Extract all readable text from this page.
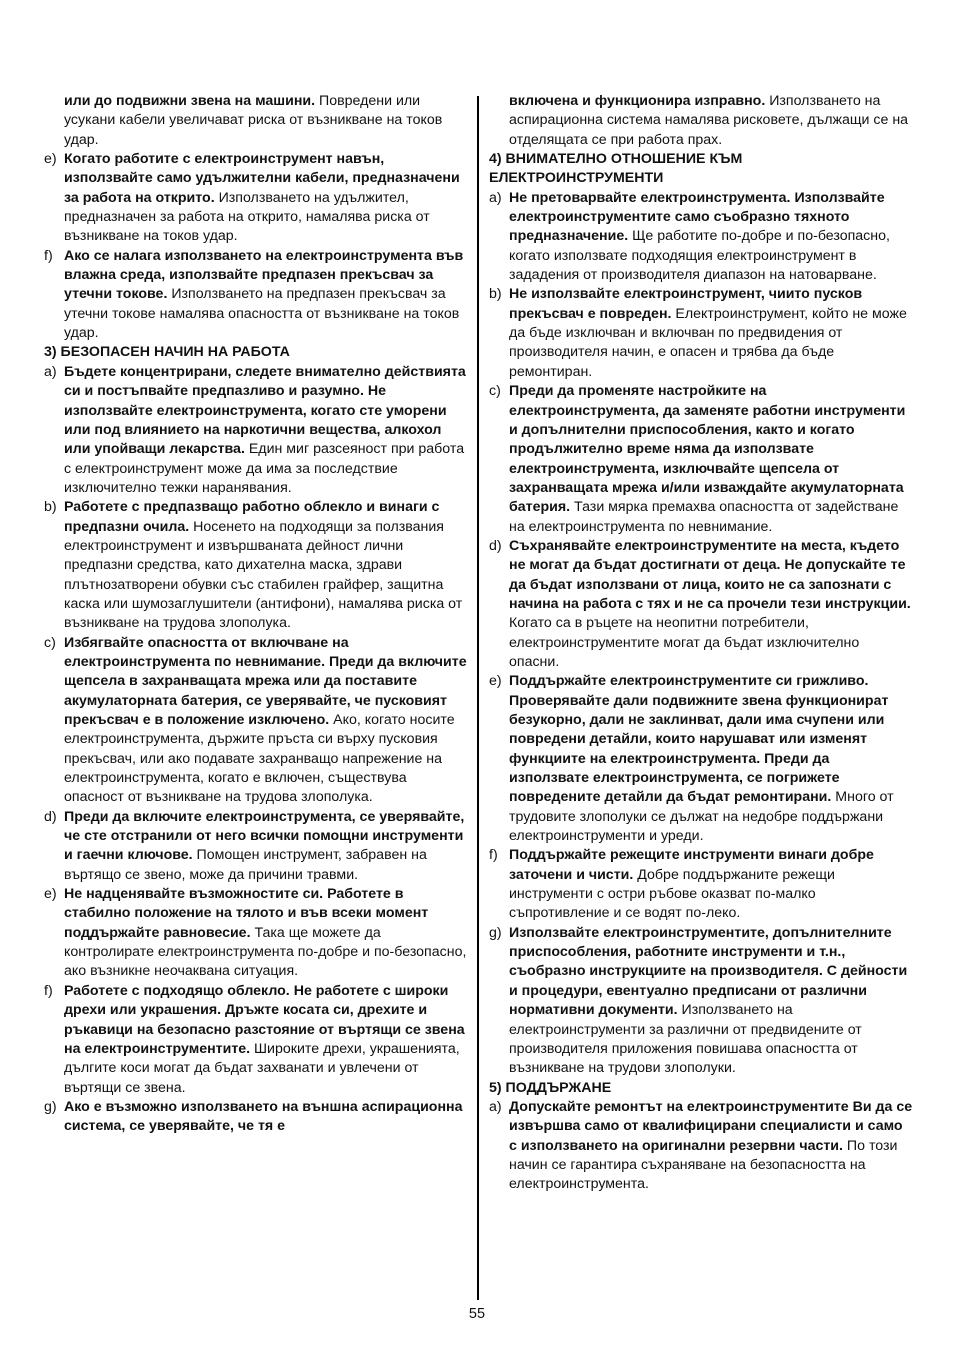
или до подвижни звена на машини. Повредени или усукани кабели увеличават риска от възникване на токов удар.
e) Когато работите с електроинструмент навън, използвайте само удължителни кабели, предназначени за работа на открито. Използването на удължител, предназначен за работа на открито, намалява риска от възникване на токов удар.
f) Ако се налага използването на електроинструмента във влажна среда, използвайте предпазен прекъсвач за утечни токове. Използването на предпазен прекъсвач за утечни токове намалява опасността от възникване на токов удар.
3) БЕЗОПАСЕН НАЧИН НА РАБОТА
a) Бъдете концентрирани, следете внимателно действията си и постъпвайте предпазливо и разумно. Не използвайте електроинструмента, когато сте уморени или под влиянието на наркотични вещества, алкохол или упойващи лекарства. Един миг разсеяност при работа с електроинструмент може да има за последствие изключително тежки наранявания.
b) Работете с предпазващо работно облекло и винаги с предпазни очила. Носенето на подходящи за ползвания електроинструмент и извършваната дейност лични предпазни средства, като дихателна маска, здрави плътнозатворени обувки със стабилен грайфер, защитна каска или шумозаглушители (антифони), намалява риска от възникване на трудова злополука.
c) Избягвайте опасността от включване на електроинструмента по невнимание. Преди да включите щепсела в захранващата мрежа или да поставите акумулаторната батерия, се уверявайте, че пусковият прекъсвач е в положение изключено. Ако, когато носите електроинструмента, държите пръста си върху пусковия прекъсвач, или ако подавате захранващо напрежение на електроинструмента, когато е включен, съществува опасност от възникване на трудова злополука.
d) Преди да включите електроинструмента, се уверявайте, че сте отстранили от него всички помощни инструменти и гаечни ключове. Помощен инструмент, забравен на въртящо се звено, може да причини травми.
e) Не надценявайте възможностите си. Работете в стабилно положение на тялото и във всеки момент поддържайте равновесие. Така ще можете да контролирате електроинструмента по-добре и по-безопасно, ако възникне неочаквана ситуация.
f) Работете с подходящо облекло. Не работете с широки дрехи или украшения. Дръжте косата си, дрехите и ръкавици на безопасно разстояние от въртящи се звена на електроинструментите. Широките дрехи, украшенията, дългите коси могат да бъдат захванати и увлечени от въртящи се звена.
g) Ако е възможно използването на външна аспирационна система, се уверявайте, че тя е
включена и функционира изправно. Използването на аспирационна система намалява рисковете, дължащи се на отделящата се при работа прах.
4) ВНИМАТЕЛНО ОТНОШЕНИЕ КЪМ ЕЛЕКТРОИНСТРУМЕНТИ
a) Не претоварвайте електроинструмента. Използвайте електроинструментите само съобразно тяхното предназначение. Ще работите по-добре и по-безопасно, когато използвате подходящия електроинструмент в зададения от производителя диапазон на натоварване.
b) Не използвайте електроинструмент, чиито пусков прекъсвач е повреден. Електроинструмент, който не може да бъде изключван и включван по предвидения от производителя начин, е опасен и трябва да бъде ремонтиран.
c) Преди да променяте настройките на електроинструмента, да заменяте работни инструменти и допълнителни приспособления, както и когато продължително време няма да използвате електроинструмента, изключвайте щепсела от захранващата мрежа и/или изваждайте акумулаторната батерия. Тази мярка премахва опасността от задействане на електроинструмента по невнимание.
d) Съхранявайте електроинструментите на места, където не могат да бъдат достигнати от деца. Не допускайте те да бъдат използвани от лица, които не са запознати с начина на работа с тях и не са прочели тези инструкции. Когато са в ръцете на неопитни потребители, електроинструментите могат да бъдат изключително опасни.
e) Поддържайте електроинструментите си грижливо. Проверявайте дали подвижните звена функционират безукорно, дали не заклинват, дали има счупени или повредени детайли, които нарушават или изменят функциите на електроинструмента. Преди да използвате електроинструмента, се погрижете повредените детайли да бъдат ремонтирани. Много от трудовите злополуки се дължат на недобре поддържани електроинструменти и уреди.
f) Поддържайте режещите инструменти винаги добре заточени и чисти. Добре поддържаните режещи инструменти с остри ръбове оказват по-малко съпротивление и се водят по-леко.
g) Използвайте електроинструментите, допълнителните приспособления, работните инструменти и т.н., съобразно инструкциите на производителя. С дейности и процедури, евентуално предписани от различни нормативни документи. Използването на електроинструменти за различни от предвидените от производителя приложения повишава опасността от възникване на трудови злополуки.
5) ПОДДЪРЖАНЕ
a) Допускайте ремонтът на електроинструментите Ви да се извършва само от квалифицирани специалисти и само с използването на оригинални резервни части. По този начин се гарантира съхраняване на безопасността на електроинструмента.
55
